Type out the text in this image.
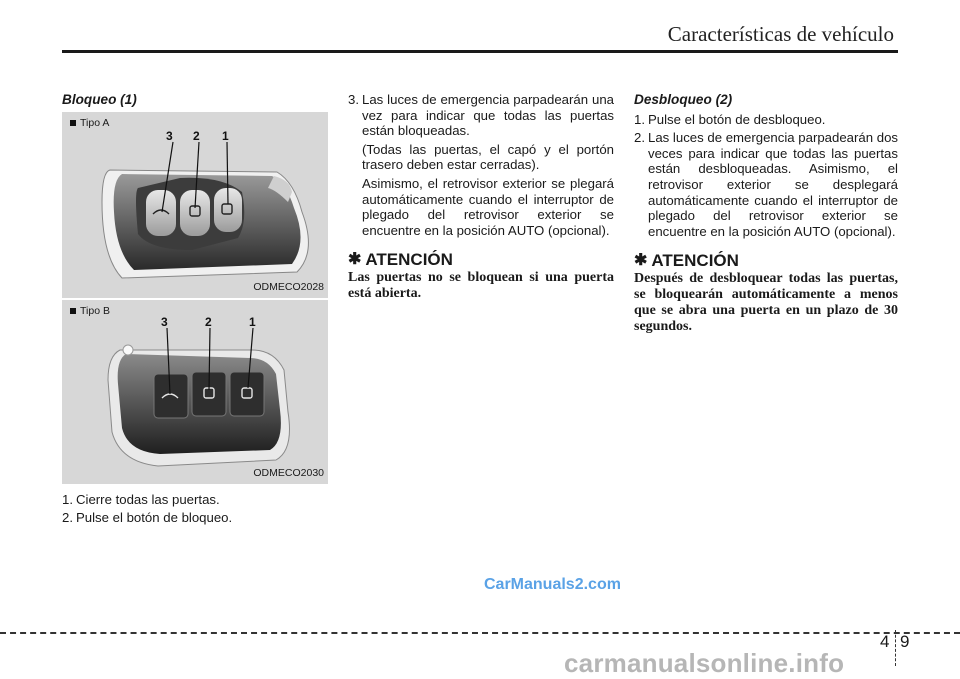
Características de vehículo
Bloqueo (1)
3 2 1
Tipo A
ODMECO2028
3	2	1
Tipo B
ODMECO2030
1. Cierre todas las puertas.
2. Pulse el botón de bloqueo.
3. Las luces de emergencia parpadearán una vez para indicar que todas las puertas están bloqueadas.
(Todas las puertas, el capó y el portón trasero deben estar cerradas).
Asimismo, el retrovisor exterior se plegará automáticamente cuando el interruptor de plegado del retrovisor exterior se encuentre en la posición AUTO (opcional).
✱ ATENCIÓN
Las puertas no se bloquean si una puerta está abierta.
Desbloqueo (2)
1. Pulse el botón de desbloqueo.
2. Las luces de emergencia parpadearán dos veces para indicar que todas las puertas están desbloqueadas. Asimismo, el retrovisor exterior se desplegará automáticamente cuando el interruptor de plegado del retrovisor exterior se encuentre en la posición AUTO (opcional).
✱ ATENCIÓN
Después de desbloquear todas las puertas, se bloquearán automáticamente a menos que se abra una puerta en un plazo de 30 segundos.
CarManuals2.com
4 9
carmanualsonline.info
